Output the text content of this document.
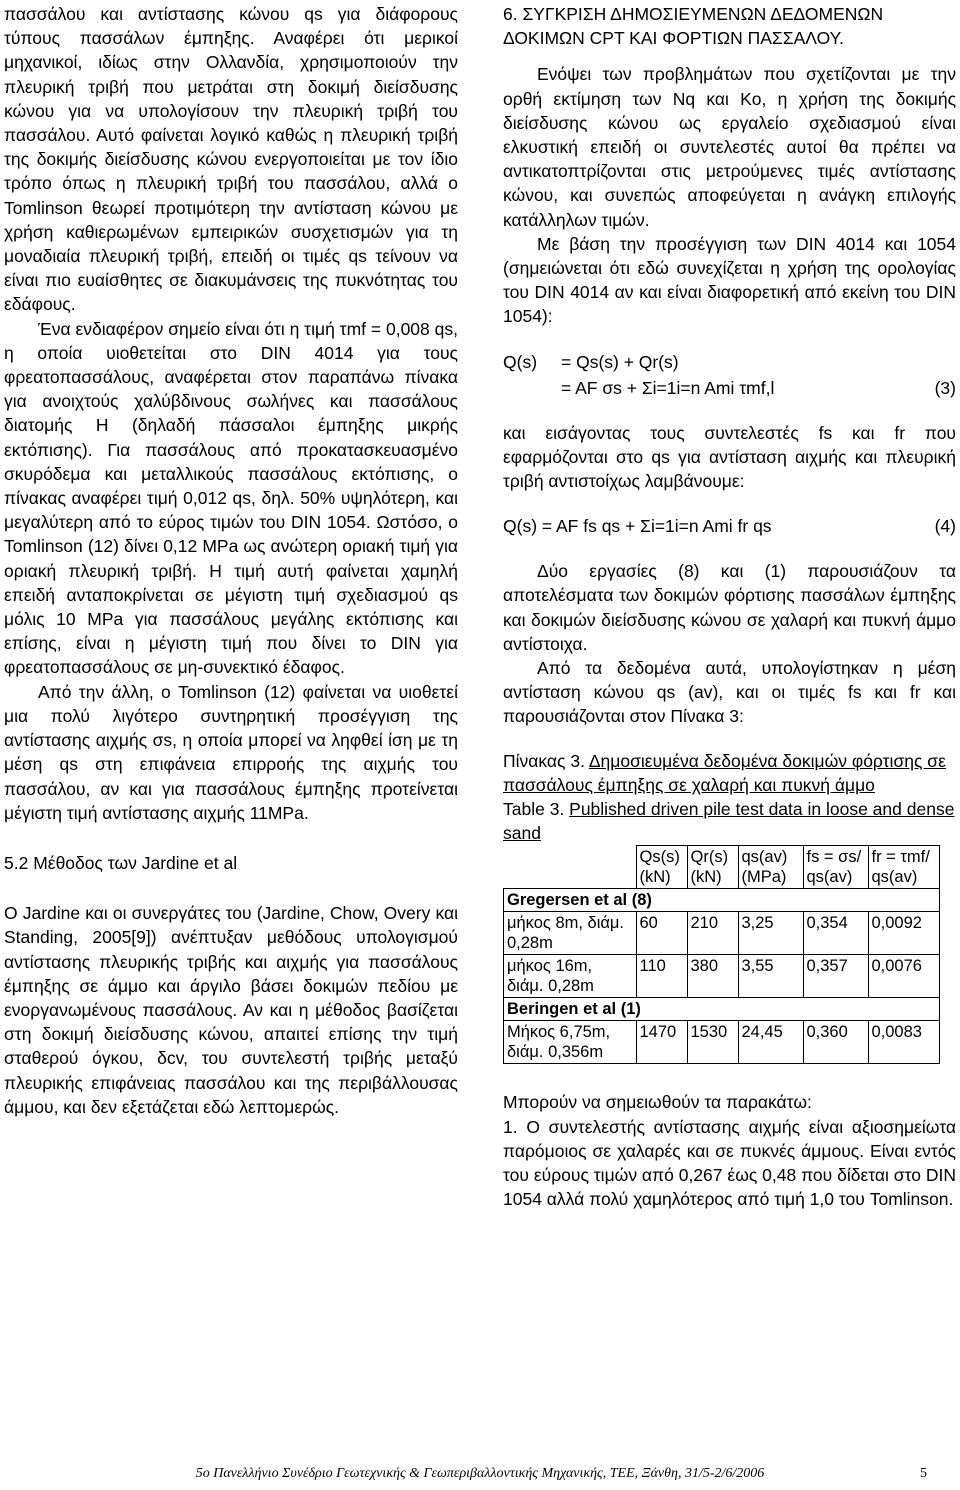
πασσάλου και αντίστασης κώνου qs για διάφορους τύπους πασσάλων έμπηξης. Αναφέρει ότι μερικοί μηχανικοί, ιδίως στην Ολλανδία, χρησιμοποιούν την πλευρική τριβή που μετράται στη δοκιμή διείσδυσης κώνου για να υπολογίσουν την πλευρική τριβή του πασσάλου. Αυτό φαίνεται λογικό καθώς η πλευρική τριβή της δοκιμής διείσδυσης κώνου ενεργοποιείται με τον ίδιο τρόπο όπως η πλευρική τριβή του πασσάλου, αλλά ο Tomlinson θεωρεί προτιμότερη την αντίσταση κώνου με χρήση καθιερωμένων εμπειρικών συσχετισμών για τη μοναδιαία πλευρική τριβή, επειδή οι τιμές qs τείνουν να είναι πιο ευαίσθητες σε διακυμάνσεις της πυκνότητας του εδάφους.

Ένα ενδιαφέρον σημείο είναι ότι η τιμή τmf = 0,008 qs, η οποία υιοθετείται στο DIN 4014 για τους φρεατοπασσάλους, αναφέρεται στον παραπάνω πίνακα για ανοιχτούς χαλύβδινους σωλήνες και πασσάλους διατομής Η (δηλαδή πάσσαλοι έμπηξης μικρής εκτόπισης). Για πασσάλους από προκατασκευασμένο σκυρόδεμα και μεταλλικούς πασσάλους εκτόπισης, ο πίνακας αναφέρει τιμή 0,012 qs, δηλ. 50% υψηλότερη, και μεγαλύτερη από το εύρος τιμών του DIN 1054. Ωστόσο, ο Tomlinson (12) δίνει 0,12 MPa ως ανώτερη οριακή τιμή για οριακή πλευρική τριβή. Η τιμή αυτή φαίνεται χαμηλή επειδή ανταποκρίνεται σε μέγιστη τιμή σχεδιασμού qs μόλις 10 MPa για πασσάλους μεγάλης εκτόπισης και επίσης, είναι η μέγιστη τιμή που δίνει το DIN για φρεατοπασσάλους σε μη-συνεκτικό έδαφος.

Από την άλλη, ο Tomlinson (12) φαίνεται να υιοθετεί μια πολύ λιγότερο συντηρητική προσέγγιση της αντίστασης αιχμής σs, η οποία μπορεί να ληφθεί ίση με τη μέση qs στη επιφάνεια επιρροής της αιχμής του πασσάλου, αν και για πασσάλους έμπηξης προτείνεται μέγιστη τιμή αντίστασης αιχμής 11MPa.

5.2 Μέθοδος των Jardine et al

Ο Jardine και οι συνεργάτες του (Jardine, Chow, Overy και Standing, 2005[9]) ανέπτυξαν μεθόδους υπολογισμού αντίστασης πλευρικής τριβής και αιχμής για πασσάλους έμπηξης σε άμμο και άργιλο βάσει δοκιμών πεδίου με ενοργανωμένους πασσάλους. Αν και η μέθοδος βασίζεται στη δοκιμή διείσδυσης κώνου, απαιτεί επίσης την τιμή σταθερού όγκου, δcv, του συντελεστή τριβής μεταξύ πλευρικής επιφάνειας πασσάλου και της περιβάλλουσας άμμου, και δεν εξετάζεται εδώ λεπτομερώς.

6. ΣΥΓΚΡΙΣΗ ΔΗΜΟΣΙΕΥΜΕΝΩΝ ΔΕΔΟΜΕΝΩΝ ΔΟΚΙΜΩΝ CPT ΚΑΙ ΦΟΡΤΙΩΝ ΠΑΣΣΑΛΟΥ.

Ενόψει των προβλημάτων που σχετίζονται με την ορθή εκτίμηση των Nq και Ko, η χρήση της δοκιμής διείσδυσης κώνου ως εργαλείο σχεδιασμού είναι ελκυστική επειδή οι συντελεστές αυτοί θα πρέπει να αντικατοπτρίζονται στις μετρούμενες τιμές αντίστασης κώνου, και συνεπώς αποφεύγεται η ανάγκη επιλογής κατάλληλων τιμών.

Με βάση την προσέγγιση των DIN 4014 και 1054 (σημειώνεται ότι εδώ συνεχίζεται η χρήση της ορολογίας του DIN 4014 αν και είναι διαφορετική από εκείνη του DIN 1054):

Q(s)	= Qs(s) + Qr(s)
= AF σs + Σi=1i=n Ami τmf,l	(3)

και εισάγοντας τους συντελεστές fs και fr που εφαρμόζονται στο qs για αντίσταση αιχμής και πλευρική τριβή αντιστοίχως λαμβάνουμε:

Q(s) = AF fs qs + Σi=1i=n Ami fr qs	(4)

Δύο εργασίες (8) και (1) παρουσιάζουν τα αποτελέσματα των δοκιμών φόρτισης πασσάλων έμπηξης και δοκιμών διείσδυσης κώνου σε χαλαρή και πυκνή άμμο αντίστοιχα.

Από τα δεδομένα αυτά, υπολογίστηκαν η μέση αντίσταση κώνου qs (av), και οι τιμές fs και fr και παρουσιάζονται στον Πίνακα 3:

Πίνακας 3. Δημοσιευμένα δεδομένα δοκιμών φόρτισης σε πασσάλους έμπηξης σε χαλαρή και πυκνή άμμο

Table 3. Published driven pile test data in loose and dense sand

	Qs(s) (kN)	Qr(s) (kN)	qs(av) (MPa)	fs = σs/ qs(av)	fr = τmf/ qs(av)
Gregersen et al (8)					
μήκος 8m, διάμ. 0,28m	60	210	3,25	0,354	0,0092
μήκος 16m, διάμ. 0,28m	110	380	3,55	0,357	0,0076
Beringen et al (1)					
Μήκος 6,75m, διάμ. 0,356m	1470	1530	24,45	0,360	0,0083

Μπορούν να σημειωθούν τα παρακάτω:

1. Ο συντελεστής αντίστασης αιχμής είναι αξιοσημείωτα παρόμοιος σε χαλαρές και σε πυκνές άμμους. Είναι εντός του εύρους τιμών από 0,267 έως 0,48 που δίδεται στο DIN 1054 αλλά πολύ χαμηλότερος από τιμή 1,0 του Tomlinson.

5ο Πανελλήνιο Συνέδριο Γεωτεχνικής & Γεωπεριβαλλοντικής Μηχανικής, ΤΕΕ, Ξάνθη, 31/5-2/6/2006	5
